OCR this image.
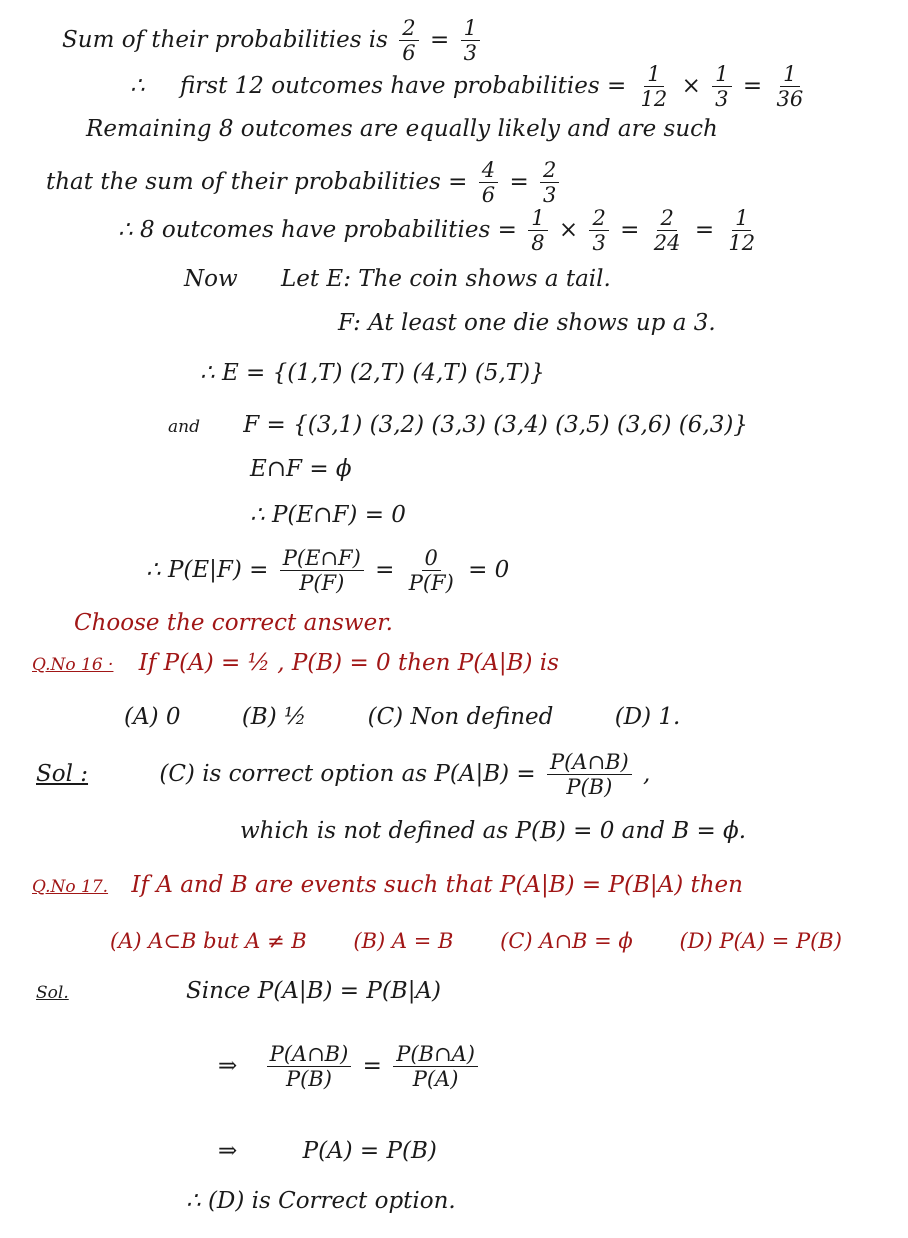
Sum of their probabilities is $\frac{2}{6} = \frac{1}{3}$
∴ first 12 outcomes have probabilities = $\frac{1}{12} \times \frac{1}{3} = \frac{1}{36}$
Remaining 8 outcomes are equally likely and are such
that the sum of their probabilities = $\frac{4}{6} = \frac{2}{3}$
∴ 8 outcomes have probabilities = $\frac{1}{8} \times \frac{2}{3} = \frac{2}{24} = \frac{1}{12}$
Now Let E: The coin shows a tail.
F: At least one die shows up a 3.
∴ E = {(1,T) (2,T) (4,T) (5,T)}
and F = {(3,1) (3,2) (3,3) (3,4) (3,5) (3,6) (6,3)}
E∩F = ϕ
∴ P(E∩F) = 0
∴ $P(E|F) = \frac{P(E\cap F)}{P(F)} = \frac{0}{P(F)} = 0$
Choose the correct answer.
Q.No 16 · If P(A) = ½ , P(B) = 0 then P(A|B) is
(A) 0	(B) ½	(C) Non defined	(D) 1.
Sol :	(C) is correct option as $P(A|B) = \frac{P(A\cap B)}{P(B)}$ ,
which is not defined as P(B) = 0 and B = ϕ.
Q.No 17. If A and B are events such that P(A|B) = P(B|A) then
(A) A⊂B but A ≠ B (B) A = B (C) A∩B = ϕ (D) P(A) = P(B)
Sol.	Since P(A|B) = P(B|A)
⇒ $\frac{P(A\cap B)}{P(B)} = \frac{P(B\cap A)}{P(A)}$
⇒	P(A) = P(B)
∴ (D) is Correct option.
